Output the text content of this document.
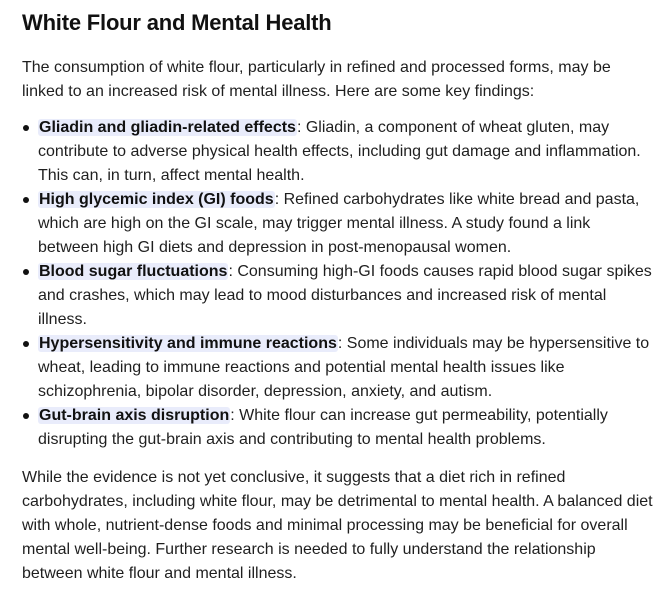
White Flour and Mental Health

The consumption of white flour, particularly in refined and processed forms, may be linked to an increased risk of mental illness. Here are some key findings:

Gliadin and gliadin-related effects: Gliadin, a component of wheat gluten, may contribute to adverse physical health effects, including gut damage and inflammation. This can, in turn, affect mental health.
High glycemic index (GI) foods: Refined carbohydrates like white bread and pasta, which are high on the GI scale, may trigger mental illness. A study found a link between high GI diets and depression in post-menopausal women.
Blood sugar fluctuations: Consuming high-GI foods causes rapid blood sugar spikes and crashes, which may lead to mood disturbances and increased risk of mental illness.
Hypersensitivity and immune reactions: Some individuals may be hypersensitive to wheat, leading to immune reactions and potential mental health issues like schizophrenia, bipolar disorder, depression, anxiety, and autism.
Gut-brain axis disruption: White flour can increase gut permeability, potentially disrupting the gut-brain axis and contributing to mental health problems.

While the evidence is not yet conclusive, it suggests that a diet rich in refined carbohydrates, including white flour, may be detrimental to mental health. A balanced diet with whole, nutrient-dense foods and minimal processing may be beneficial for overall mental well-being. Further research is needed to fully understand the relationship between white flour and mental illness.
